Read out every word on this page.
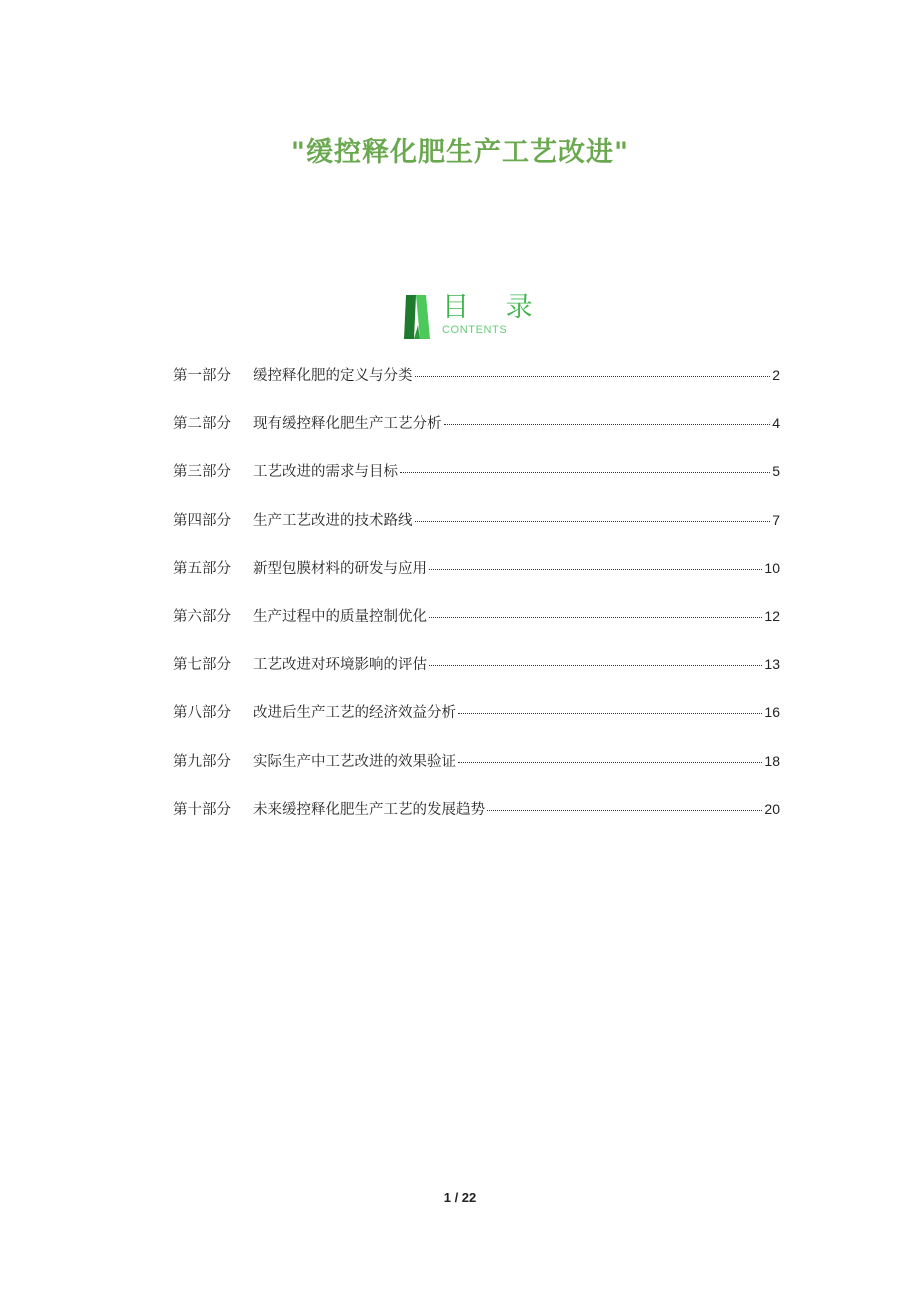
"缓控释化肥生产工艺改进"
目 录
CONTENTS
第一部分	缓控释化肥的定义与分类	2
第二部分	现有缓控释化肥生产工艺分析	4
第三部分	工艺改进的需求与目标	5
第四部分	生产工艺改进的技术路线	7
第五部分	新型包膜材料的研发与应用	10
第六部分	生产过程中的质量控制优化	12
第七部分	工艺改进对环境影响的评估	13
第八部分	改进后生产工艺的经济效益分析	16
第九部分	实际生产中工艺改进的效果验证	18
第十部分	未来缓控释化肥生产工艺的发展趋势	20
1 / 22
